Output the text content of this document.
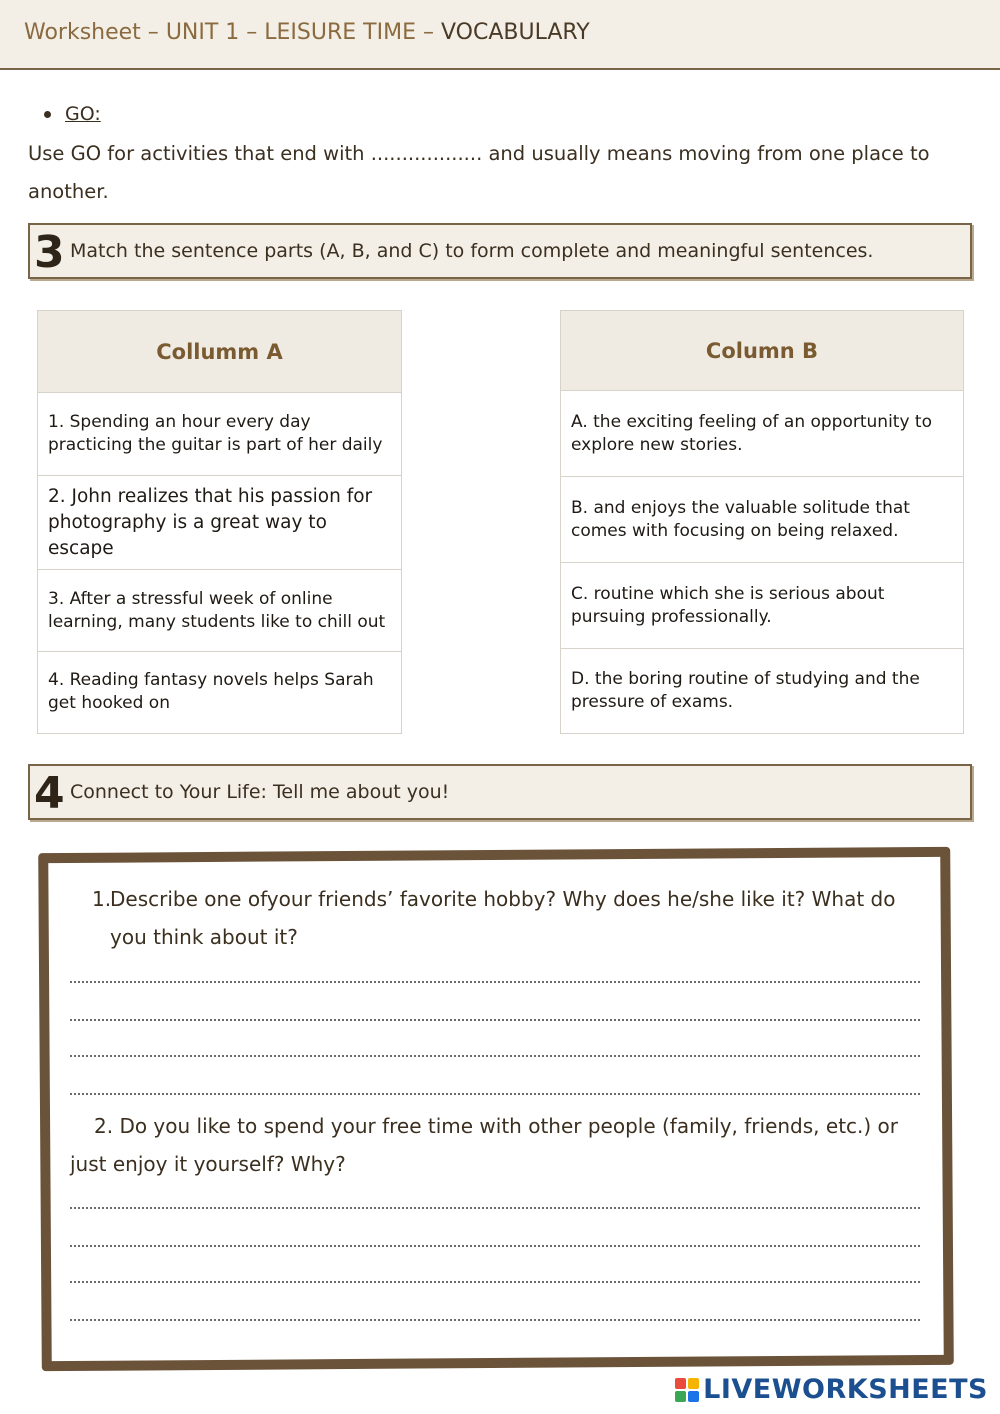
Worksheet – UNIT 1 – LEISURE TIME – VOCABULARY
GO:
Use GO for activities that end with .................. and usually means moving from one place to another.
3 Match the sentence parts (A, B, and C) to form complete and meaningful sentences.
Collumm A
1. Spending an hour every day practicing the guitar is part of her daily
2. John realizes that his passion for photography is a great way to escape
3. After a stressful week of online learning, many students like to chill out
4. Reading fantasy novels helps Sarah get hooked on
Column B
A. the exciting feeling of an opportunity to explore new stories.
B. and enjoys the valuable solitude that comes with focusing on being relaxed.
C. routine which she is serious about pursuing professionally.
D. the boring routine of studying and the pressure of exams.
4 Connect to Your Life: Tell me about you!
1.
Describe one ofyour friends’ favorite hobby? Why does he/she like it? What do you think about it?
2. Do you like to spend your free time with other people (family, friends, etc.) or just enjoy it yourself? Why?
LIVEWORKSHEETS
